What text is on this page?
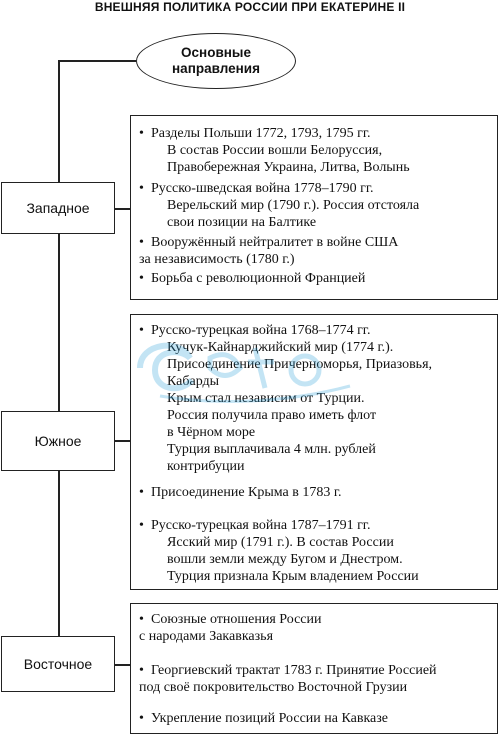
ВНЕШНЯЯ ПОЛИТИКА РОССИИ ПРИ ЕКАТЕРИНЕ II
Основные
направления
Западное
Южное
Восточное
• Разделы Польши 1772, 1793, 1795 гг.
В состав России вошли Белоруссия,
Правобережная Украина, Литва, Волынь
• Русско-шведская война 1778–1790 гг.
Верельский мир (1790 г.). Россия отстояла
свои позиции на Балтике
• Вооружённый нейтралитет в войне США
за независимость (1780 г.)
• Борьба с революционной Францией
• Русско-турецкая война 1768–1774 гг.
Кучук-Кайнарджийский мир (1774 г.).
Присоединение Причерноморья, Приазовья,
Кабарды
Крым стал независим от Турции.
Россия получила право иметь флот
в Чёрном море
Турция выплачивала 4 млн. рублей
контрибуции
• Присоединение Крыма в 1783 г.
• Русско-турецкая война 1787–1791 гг.
Ясский мир (1791 г.). В состав России
вошли земли между Бугом и Днестром.
Турция признала Крым владением России
• Союзные отношения России
с народами Закавказья
• Георгиевский трактат 1783 г. Принятие Россией
под своё покровительство Восточной Грузии
• Укрепление позиций России на Кавказе
